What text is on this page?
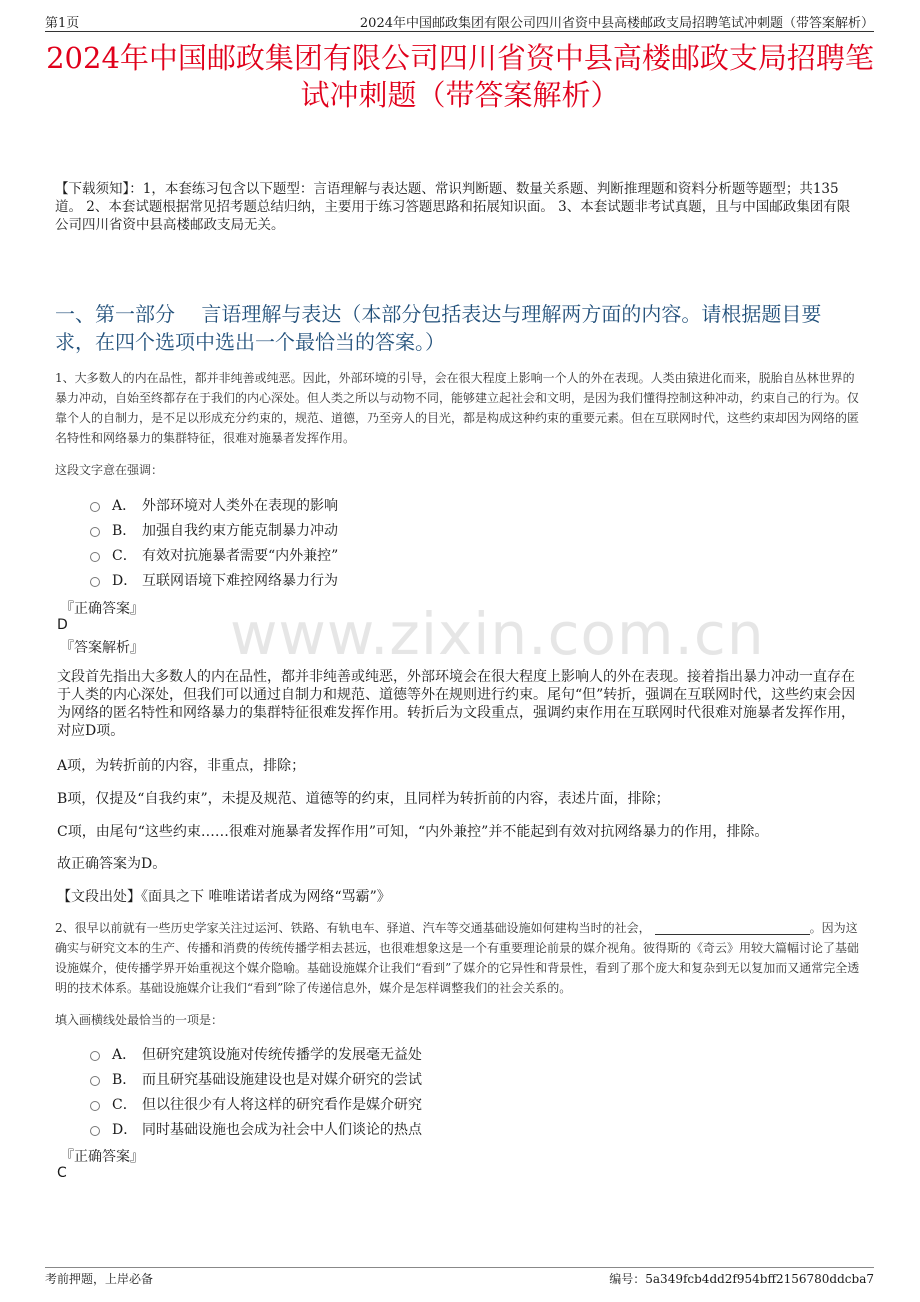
第1页	2024年中国邮政集团有限公司四川省资中县高楼邮政支局招聘笔试冲刺题（带答案解析）
2024年中国邮政集团有限公司四川省资中县高楼邮政支局招聘笔试冲刺题（带答案解析）
【下载须知】：1，本套练习包含以下题型：言语理解与表达题、常识判断题、数量关系题、判断推理题和资料分析题等题型；共135道。 2、本套试题根据常见招考题总结归纳，主要用于练习答题思路和拓展知识面。 3、本套试题非考试真题，且与中国邮政集团有限公司四川省资中县高楼邮政支局无关。
一、第一部分　 言语理解与表达（本部分包括表达与理解两方面的内容。请根据题目要求，在四个选项中选出一个最恰当的答案。）
www.zixin.com.cn
1、大多数人的内在品性，都并非纯善或纯恶。因此，外部环境的引导，会在很大程度上影响一个人的外在表现。人类由猿进化而来，脱胎自丛林世界的暴力冲动，自始至终都存在于我们的内心深处。但人类之所以与动物不同，能够建立起社会和文明，是因为我们懂得控制这种冲动，约束自己的行为。仅靠个人的自制力，是不足以形成充分约束的，规范、道德，乃至旁人的目光，都是构成这种约束的重要元素。但在互联网时代，这些约束却因为网络的匿名特性和网络暴力的集群特征，很难对施暴者发挥作用。
这段文字意在强调：
A． 外部环境对人类外在表现的影响
B． 加强自我约束方能克制暴力冲动
C． 有效对抗施暴者需要“内外兼控”
D． 互联网语境下难控网络暴力行为
『正确答案』
D
『答案解析』
文段首先指出大多数人的内在品性，都并非纯善或纯恶，外部环境会在很大程度上影响人的外在表现。接着指出暴力冲动一直存在于人类的内心深处，但我们可以通过自制力和规范、道德等外在规则进行约束。尾句“但”转折，强调在互联网时代，这些约束会因为网络的匿名特性和网络暴力的集群特征很难发挥作用。转折后为文段重点，强调约束作用在互联网时代很难对施暴者发挥作用，对应D项。
A项，为转折前的内容，非重点，排除；
B项，仅提及“自我约束”，未提及规范、道德等的约束，且同样为转折前的内容，表述片面，排除；
C项，由尾句“这些约束……很难对施暴者发挥作用”可知，“内外兼控”并不能起到有效对抗网络暴力的作用，排除。
故正确答案为D。
【文段出处】《面具之下 唯唯诺诺者成为网络“骂霸”》
2、很早以前就有一些历史学家关注过运河、铁路、有轨电车、驿道、汽车等交通基础设施如何建构当时的社会，	。因为这确实与研究文本的生产、传播和消费的传统传播学相去甚远，也很难想象这是一个有重要理论前景的媒介视角。彼得斯的《奇云》用较大篇幅讨论了基础设施媒介，使传播学界开始重视这个媒介隐喻。基础设施媒介让我们“看到”了媒介的它异性和背景性，看到了那个庞大和复杂到无以复加而又通常完全透明的技术体系。基础设施媒介让我们“看到”除了传递信息外，媒介是怎样调整我们的社会关系的。
填入画横线处最恰当的一项是：
A． 但研究建筑设施对传统传播学的发展毫无益处
B． 而且研究基础设施建设也是对媒介研究的尝试
C． 但以往很少有人将这样的研究看作是媒介研究
D． 同时基础设施也会成为社会中人们谈论的热点
『正确答案』
C
考前押题，上岸必备	编号：5a349fcb4dd2f954bff2156780ddcba7
